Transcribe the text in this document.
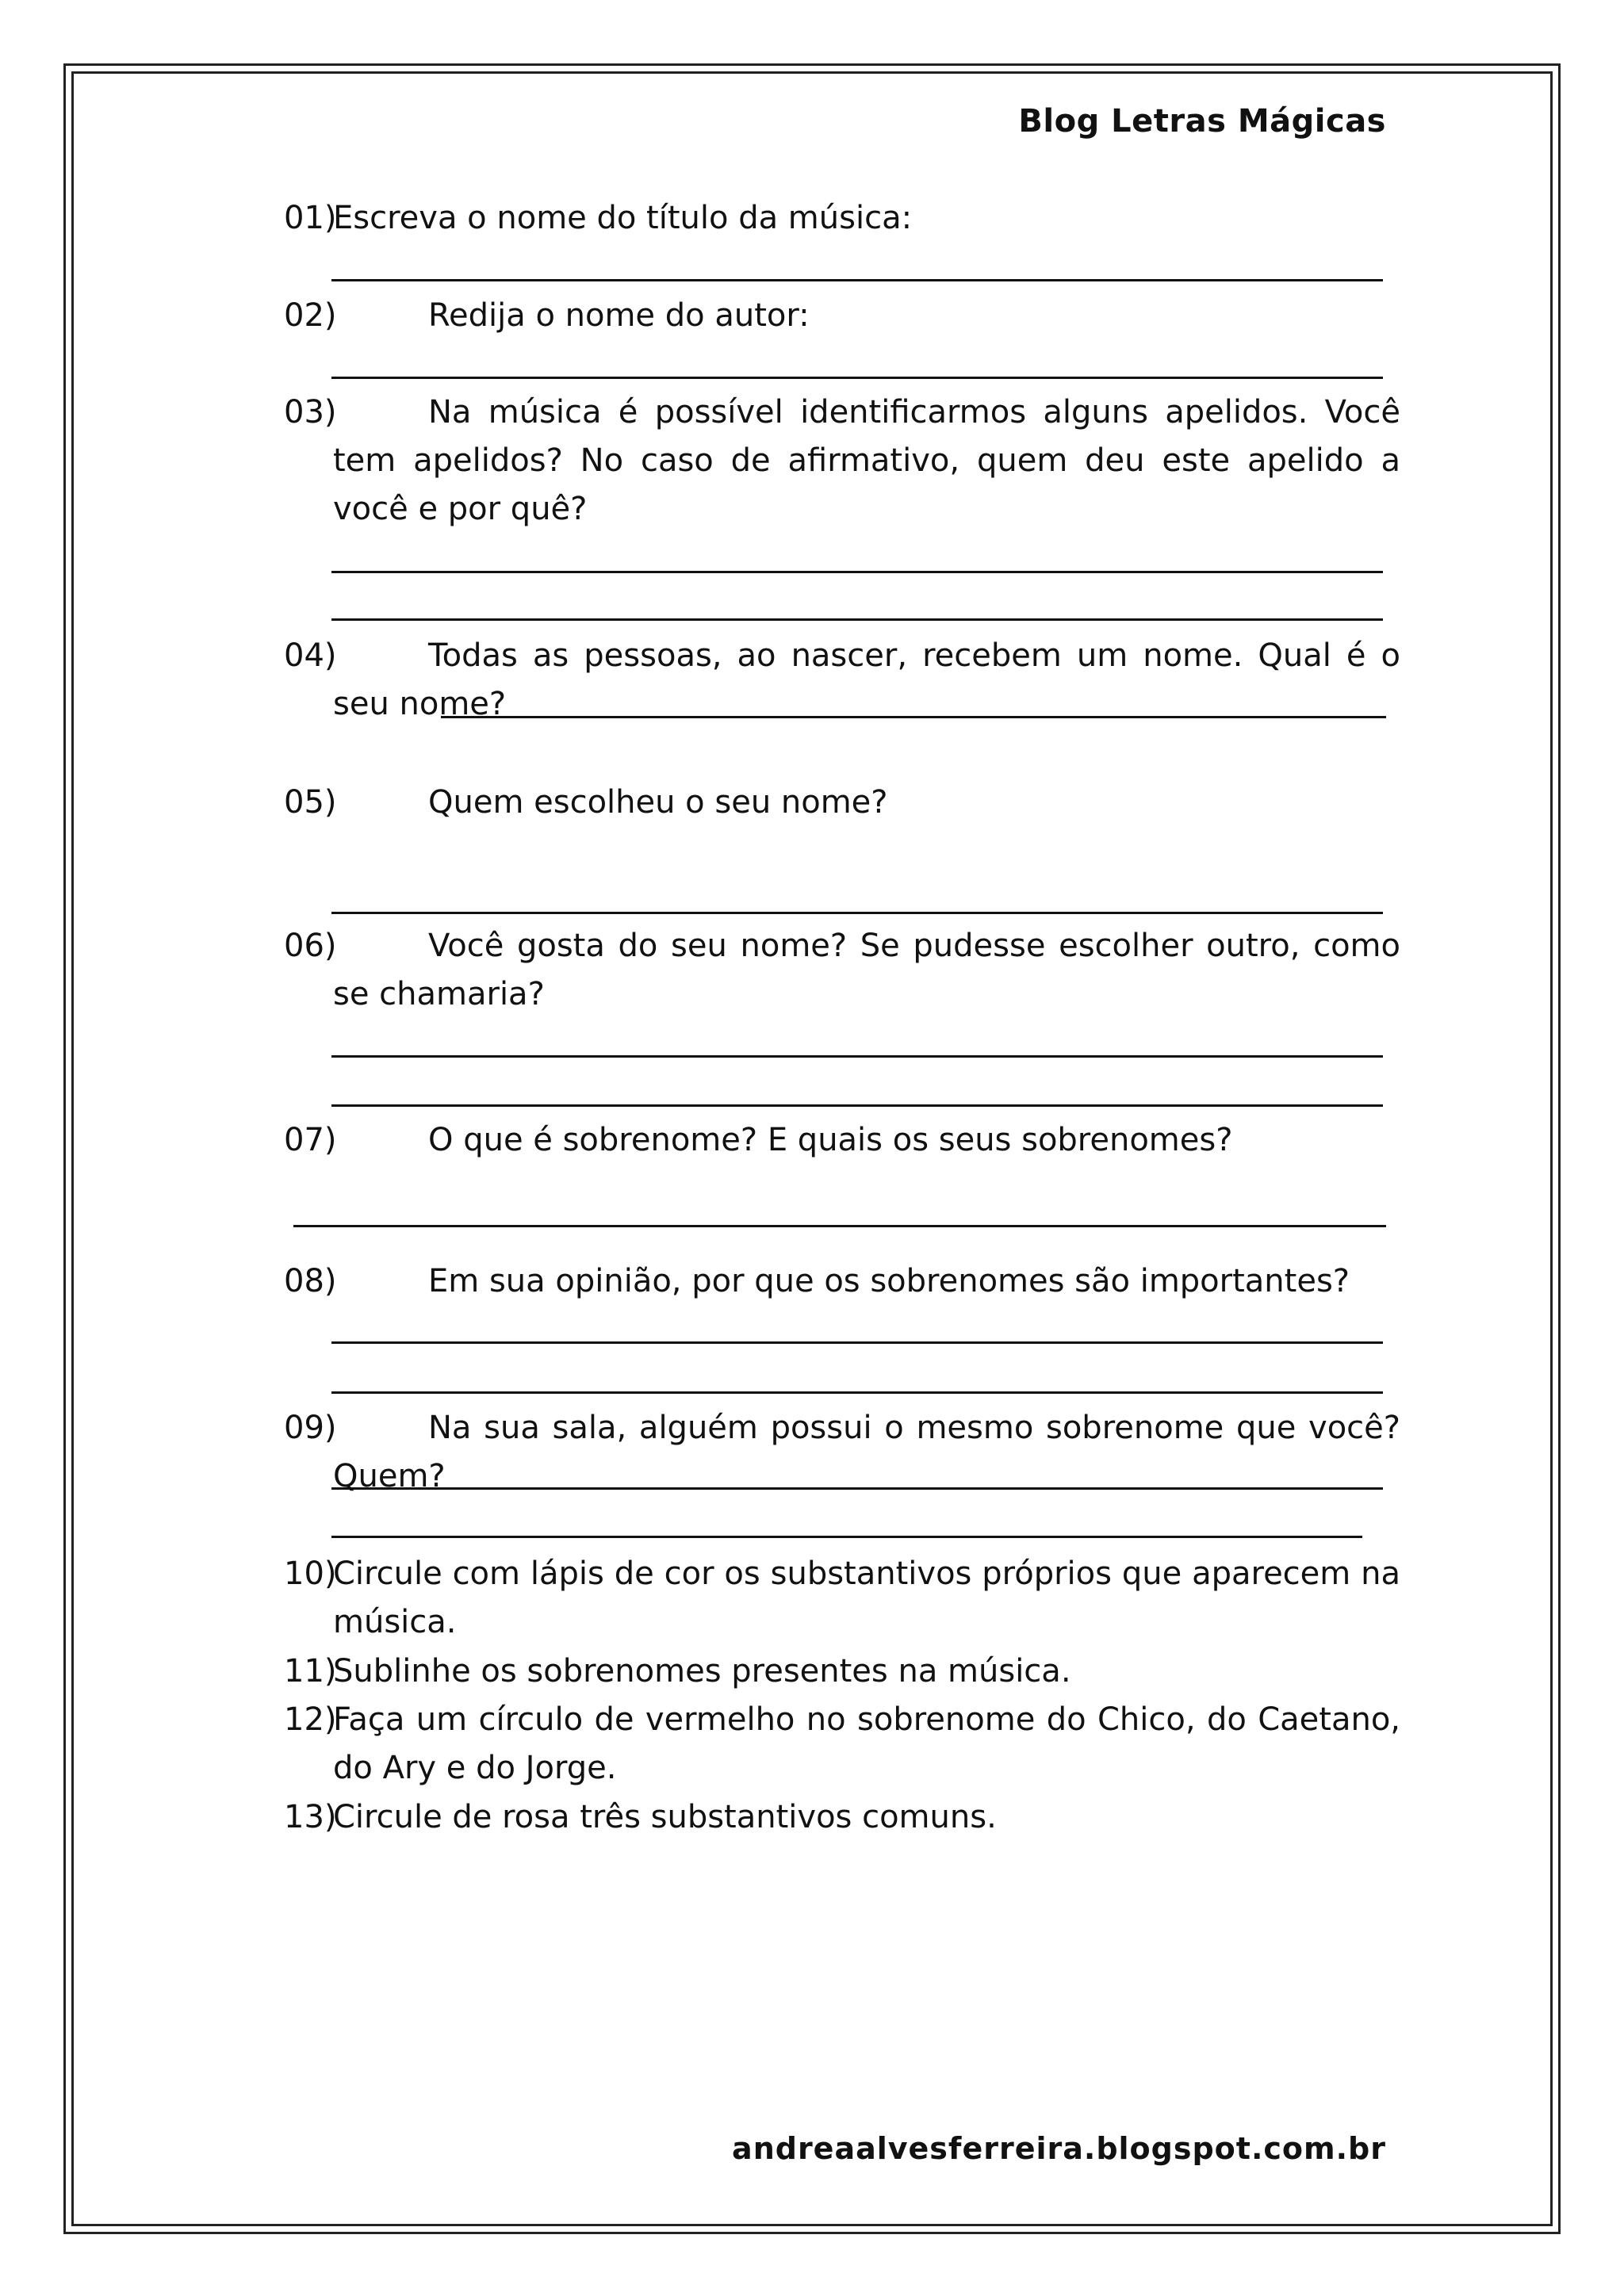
Blog Letras Mágicas
01)
Escreva o nome do título da música:
02)	Redija o nome do autor:
03)	Na música é possível identificarmos alguns apelidos. Você tem apelidos? No caso de afirmativo, quem deu este apelido a você e por quê?
04)	Todas as pessoas, ao nascer, recebem um nome. Qual é o seu nome?
05)	Quem escolheu o seu nome?
06)	Você gosta do seu nome? Se pudesse escolher outro, como se chamaria?
07)	O que é sobrenome? E quais os seus sobrenomes?
08)	Em sua opinião, por que os sobrenomes são importantes?
09)	Na sua sala, alguém possui o mesmo sobrenome que você? Quem?
10)
Circule com lápis de cor os substantivos próprios que aparecem na música.
11)
Sublinhe os sobrenomes presentes na música.
12)
Faça um círculo de vermelho no sobrenome do Chico, do Caetano, do Ary e do Jorge.
13)
Circule de rosa três substantivos comuns.
andreaalvesferreira.blogspot.com.br
